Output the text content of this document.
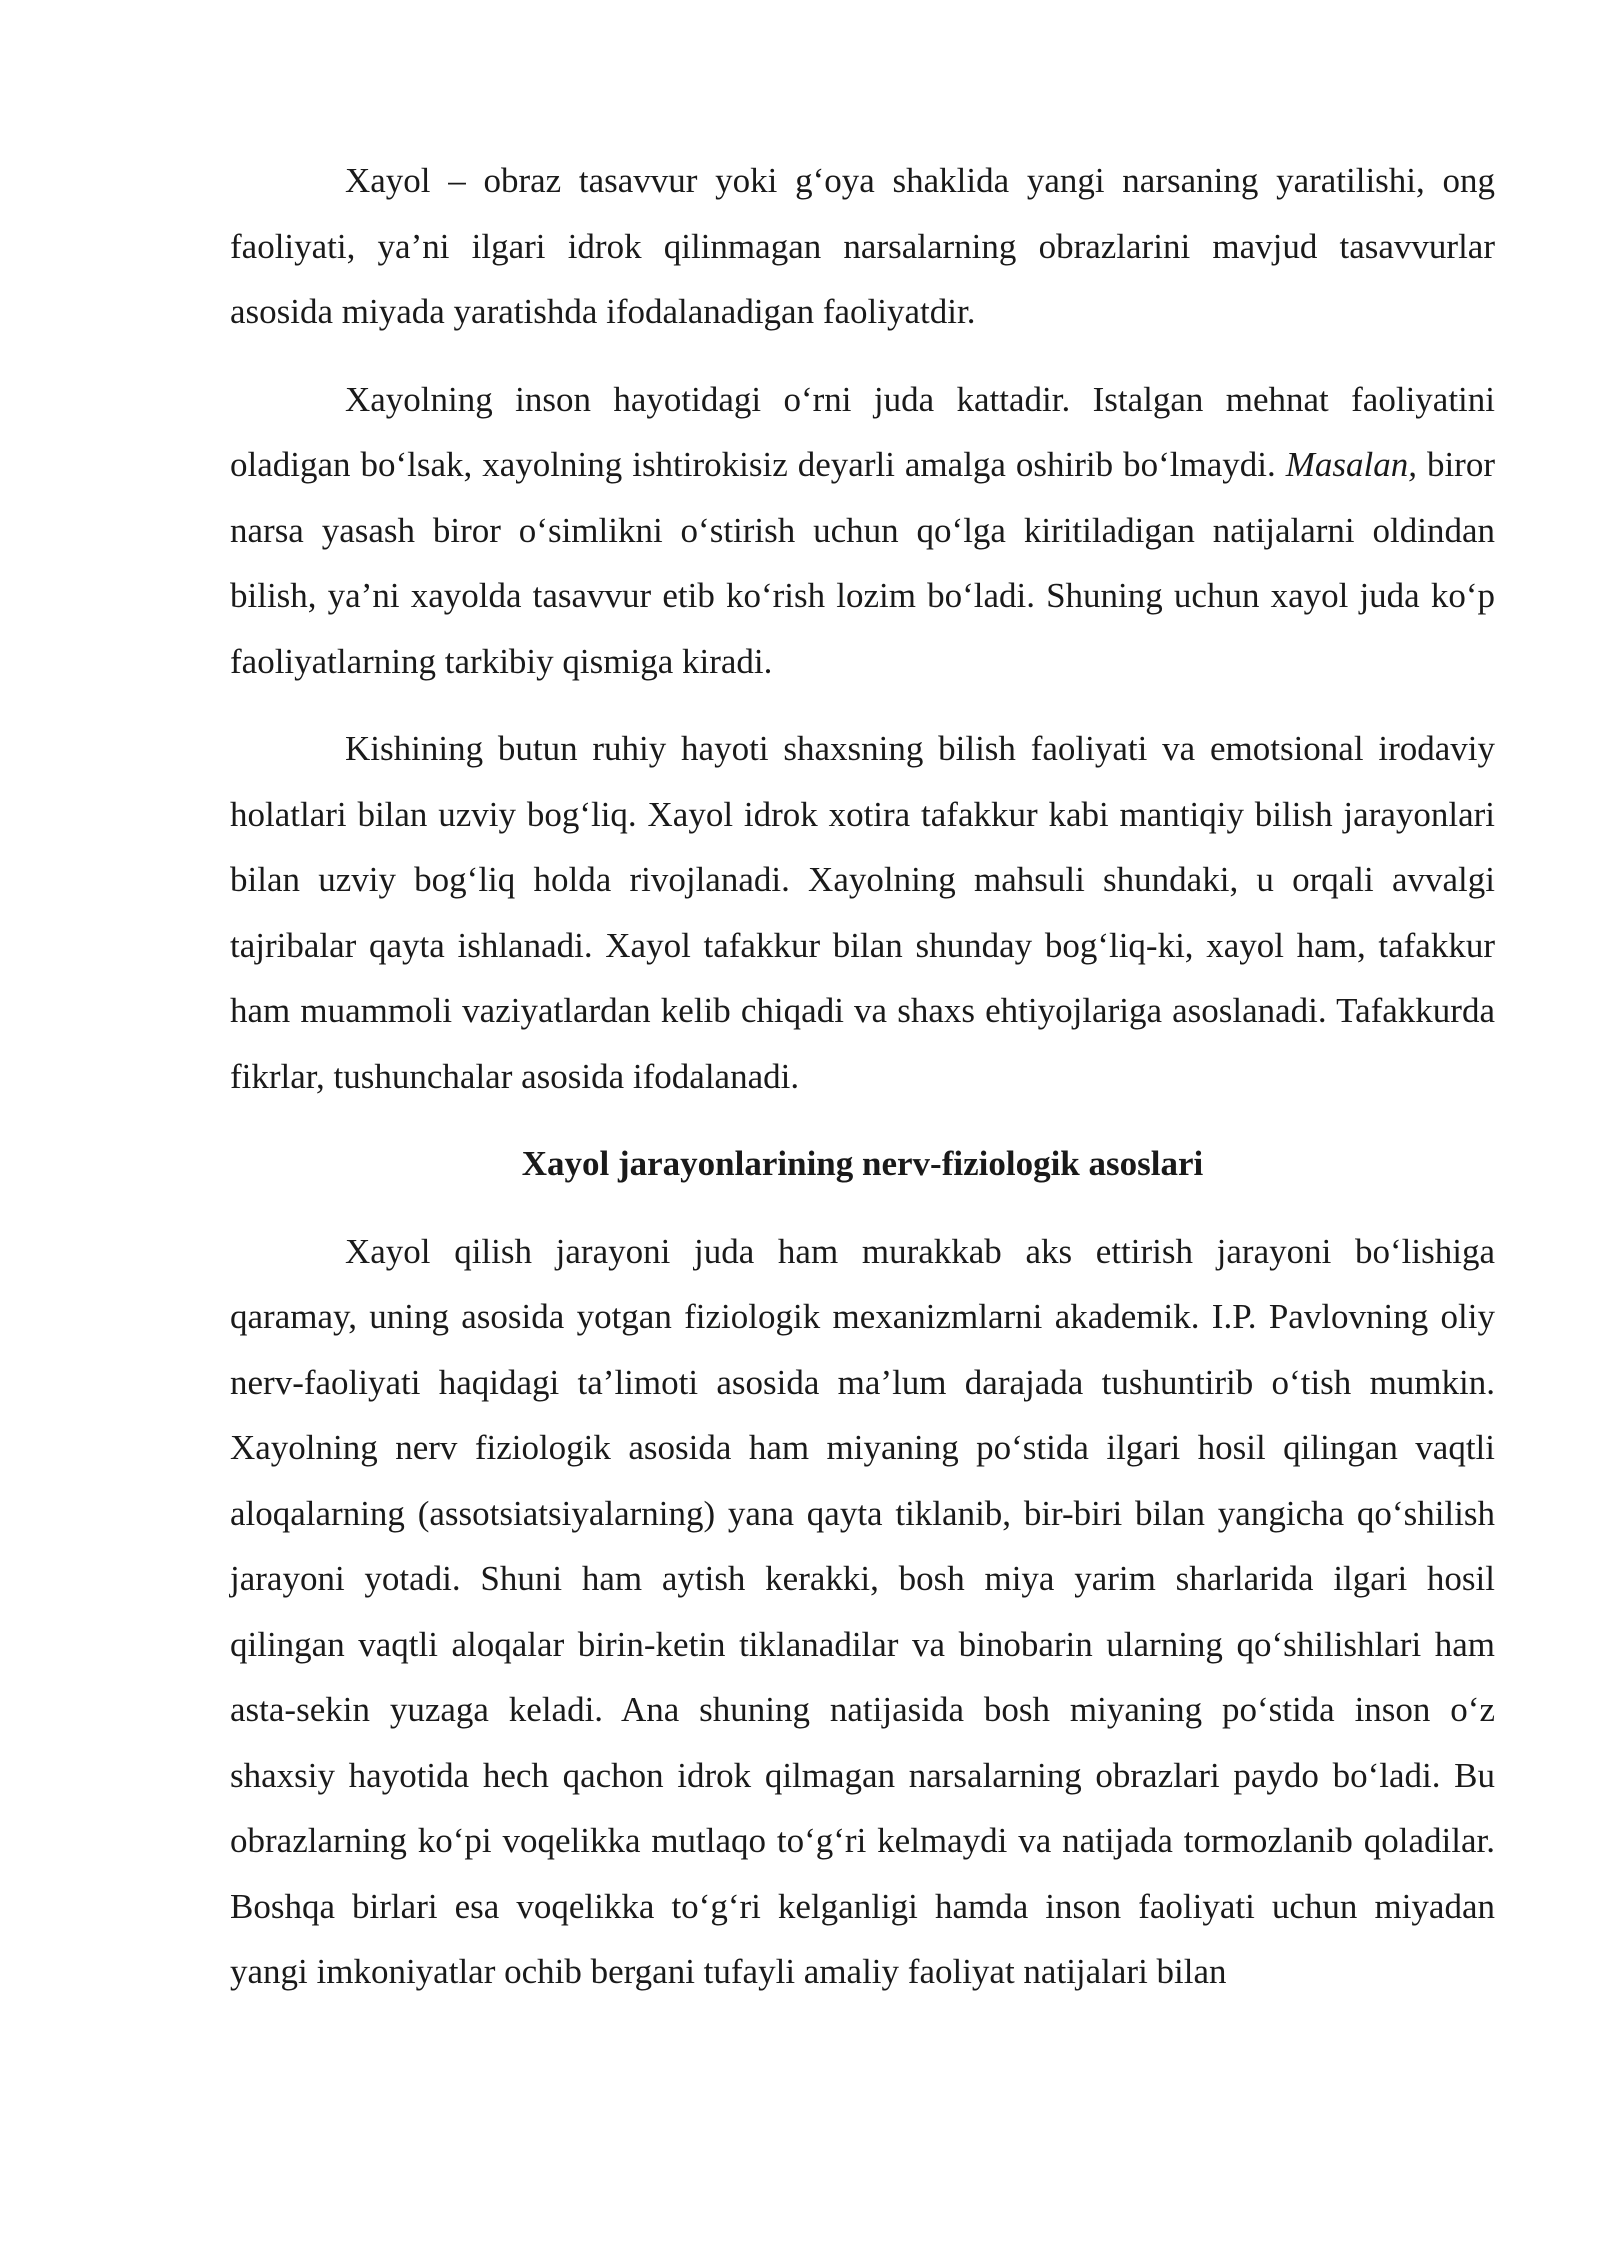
Xayol – obraz tasavvur yoki g‘oya shaklida yangi narsaning yaratilishi, ong faoliyati, ya’ni ilgari idrok qilinmagan narsalarning obrazlarini mavjud tasavvurlar asosida miyada yaratishda ifodalanadigan faoliyatdir.

Xayolning inson hayotidagi o‘rni juda kattadir. Istalgan mehnat faoliyatini oladigan bo‘lsak, xayolning ishtirokisiz deyarli amalga oshirib bo‘lmaydi. Masalan, biror narsa yasash biror o‘simlikni o‘stirish uchun qo‘lga kiritiladigan natijalarni oldindan bilish, ya’ni xayolda tasavvur etib ko‘rish lozim bo‘ladi. Shuning uchun xayol juda ko‘p faoliyatlarning tarkibiy qismiga kiradi.

Kishining butun ruhiy hayoti shaxsning bilish faoliyati va emotsional irodaviy holatlari bilan uzviy bog‘liq. Xayol idrok xotira tafakkur kabi mantiqiy bilish jarayonlari bilan uzviy bog‘liq holda rivojlanadi. Xayolning mahsuli shundaki, u orqali avvalgi tajribalar qayta ishlanadi. Xayol tafakkur bilan shunday bog‘liq-ki, xayol ham, tafakkur ham muammoli vaziyatlardan kelib chiqadi va shaxs ehtiyojlariga asoslanadi. Tafakkurda fikrlar, tushunchalar asosida ifodalanadi.

Xayol jarayonlarining nerv-fiziologik asoslari

Xayol qilish jarayoni juda ham murakkab aks ettirish jarayoni bo‘lishiga qaramay, uning asosida yotgan fiziologik mexanizmlarni akademik. I.P. Pavlovning oliy nerv-faoliyati haqidagi ta’limoti asosida ma’lum darajada tushuntirib o‘tish mumkin. Xayolning nerv fiziologik asosida ham miyaning po‘stida ilgari hosil qilingan vaqtli aloqalarning (assotsiatsiyalarning) yana qayta tiklanib, bir-biri bilan yangicha qo‘shilish jarayoni yotadi. Shuni ham aytish kerakki, bosh miya yarim sharlarida ilgari hosil qilingan vaqtli aloqalar birin-ketin tiklanadilar va binobarin ularning qo‘shilishlari ham asta-sekin yuzaga keladi. Ana shuning natijasida bosh miyaning po‘stida inson o‘z shaxsiy hayotida hech qachon idrok qilmagan narsalarning obrazlari paydo bo‘ladi. Bu obrazlarning ko‘pi voqelikka mutlaqo to‘g‘ri kelmaydi va natijada tormozlanib qoladilar. Boshqa birlari esa voqelikka to‘g‘ri kelganligi hamda inson faoliyati uchun miyadan yangi imkoniyatlar ochib bergani tufayli amaliy faoliyat natijalari bilan
